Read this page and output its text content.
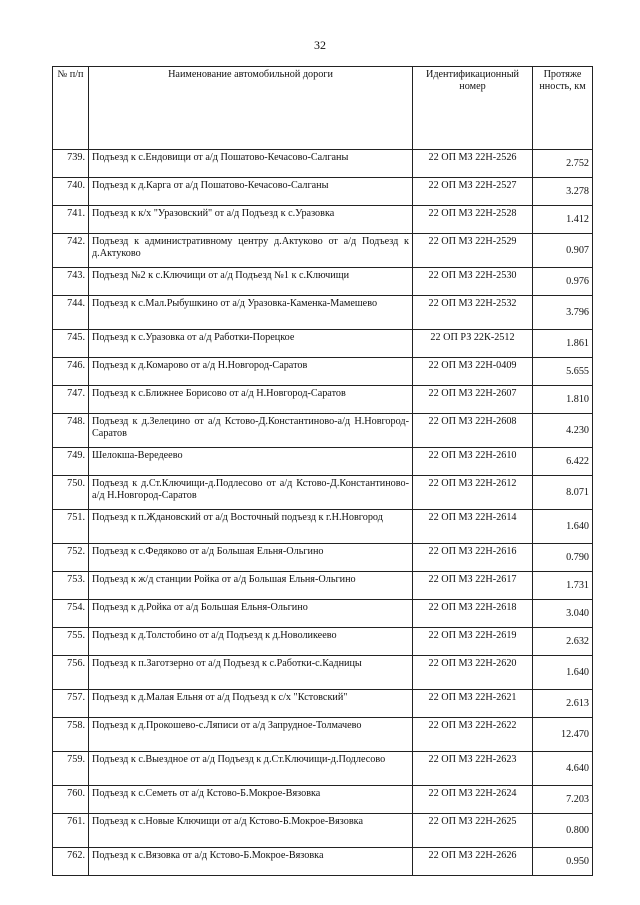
32
№ п/п	Наименование автомобильной дороги	Идентификационный номер	Протяже нность, км
739.	Подъезд к с.Ендовищи от а/д Пошатово-Кечасово-Салганы	22 ОП МЗ 22Н-2526	2.752
740.	Подъезд к д.Карга от а/д Пошатово-Кечасово-Салганы	22 ОП МЗ 22Н-2527	3.278
741.	Подъезд к к/х "Уразовский" от а/д Подъезд к с.Уразовка	22 ОП МЗ 22Н-2528	1.412
742.	Подъезд к административному центру д.Актуково от а/д Подъезд к д.Актуково	22 ОП МЗ 22Н-2529	0.907
743.	Подъезд №2 к с.Ключищи от а/д Подъезд №1 к с.Ключищи	22 ОП МЗ 22Н-2530	0.976
744.	Подъезд к с.Мал.Рыбушкино от а/д Уразовка-Каменка-Мамешево	22 ОП МЗ 22Н-2532	3.796
745.	Подъезд к с.Уразовка от а/д Работки-Порецкое	22 ОП РЗ 22К-2512	1.861
746.	Подъезд к д.Комарово от а/д Н.Новгород-Саратов	22 ОП МЗ 22Н-0409	5.655
747.	Подъезд к с.Ближнее Борисово от а/д Н.Новгород-Саратов	22 ОП МЗ 22Н-2607	1.810
748.	Подъезд к д.Зелецино от а/д Кстово-Д.Константиново-а/д Н.Новгород-Саратов	22 ОП МЗ 22Н-2608	4.230
749.	Шелокша-Вередеево	22 ОП МЗ 22Н-2610	6.422
750.	Подъезд к д.Ст.Ключищи-д.Подлесово от а/д Кстово-Д.Константиново-а/д Н.Новгород-Саратов	22 ОП МЗ 22Н-2612	8.071
751.	Подъезд к п.Ждановский от а/д Восточный подъезд к г.Н.Новгород	22 ОП МЗ 22Н-2614	1.640
752.	Подъезд к с.Федяково от а/д Большая Ельня-Ольгино	22 ОП МЗ 22Н-2616	0.790
753.	Подъезд к ж/д станции Ройка от а/д Большая Ельня-Ольгино	22 ОП МЗ 22Н-2617	1.731
754.	Подъезд к д.Ройка от а/д Большая Ельня-Ольгино	22 ОП МЗ 22Н-2618	3.040
755.	Подъезд к д.Толстобино от а/д Подъезд к д.Новоликеево	22 ОП МЗ 22Н-2619	2.632
756.	Подъезд к п.Заготзерно от а/д Подъезд к с.Работки-с.Кадницы	22 ОП МЗ 22Н-2620	1.640
757.	Подъезд к д.Малая Ельня от а/д Подъезд к с/х "Кстовский"	22 ОП МЗ 22Н-2621	2.613
758.	Подъезд к д.Прокошево-с.Ляписи от а/д Запрудное-Толмачево	22 ОП МЗ 22Н-2622	12.470
759.	Подъезд к с.Выездное от а/д Подъезд к д.Ст.Ключищи-д.Подлесово	22 ОП МЗ 22Н-2623	4.640
760.	Подъезд к с.Семеть от а/д Кстово-Б.Мокрое-Вязовка	22 ОП МЗ 22Н-2624	7.203
761.	Подъезд к с.Новые Ключищи от а/д Кстово-Б.Мокрое-Вязовка	22 ОП МЗ 22Н-2625	0.800
762.	Подъезд к с.Вязовка от а/д Кстово-Б.Мокрое-Вязовка	22 ОП МЗ 22Н-2626	0.950
